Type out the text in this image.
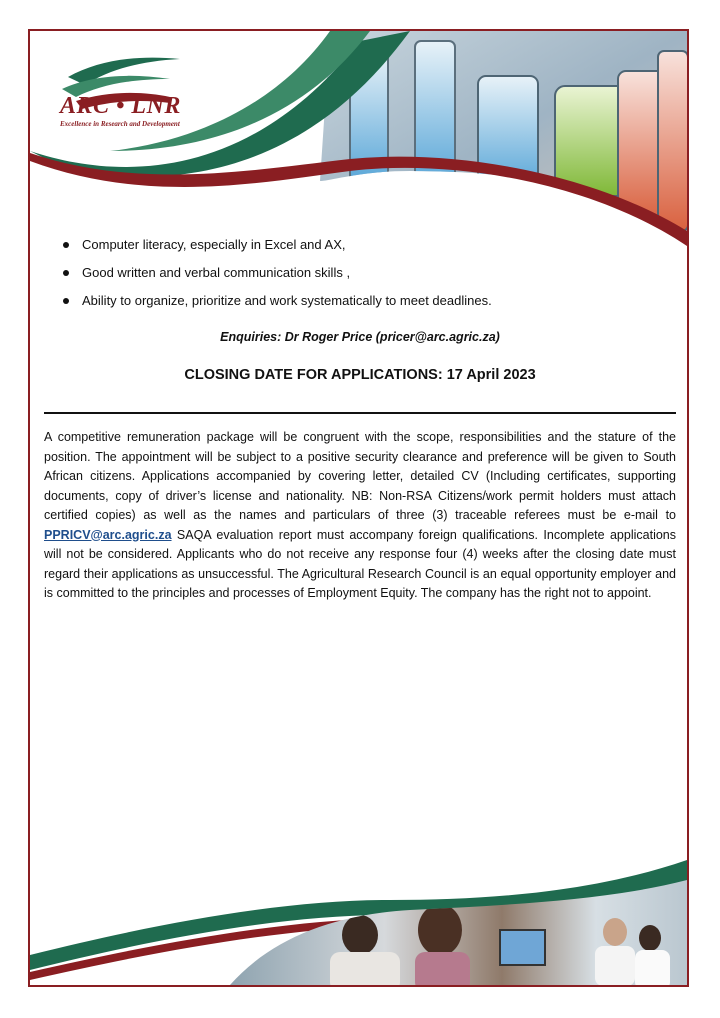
ARC • LNR
Excellence in Research and Development
Computer literacy, especially in Excel and AX,
Good written and verbal communication skills ,
Ability to organize, prioritize and work systematically to meet deadlines.
Enquiries: Dr Roger Price (pricer@arc.agric.za)
CLOSING DATE FOR APPLICATIONS: 17 April 2023
A competitive remuneration package will be congruent with the scope, responsibilities and the stature of the position. The appointment will be subject to a positive security clearance and preference will be given to South African citizens. Applications accompanied by covering letter, detailed CV (Including certificates, supporting documents, copy of driver’s license and nationality. NB: Non-RSA Citizens/work permit holders must attach certified copies) as well as the names and particulars of three (3) traceable referees must be e-mail to PPRICV@arc.agric.za SAQA evaluation report must accompany foreign qualifications. Incomplete applications will not be considered. Applicants who do not receive any response four (4) weeks after the closing date must regard their applications as unsuccessful. The Agricultural Research Council is an equal opportunity employer and is committed to the principles and processes of Employment Equity. The company has the right not to appoint.
